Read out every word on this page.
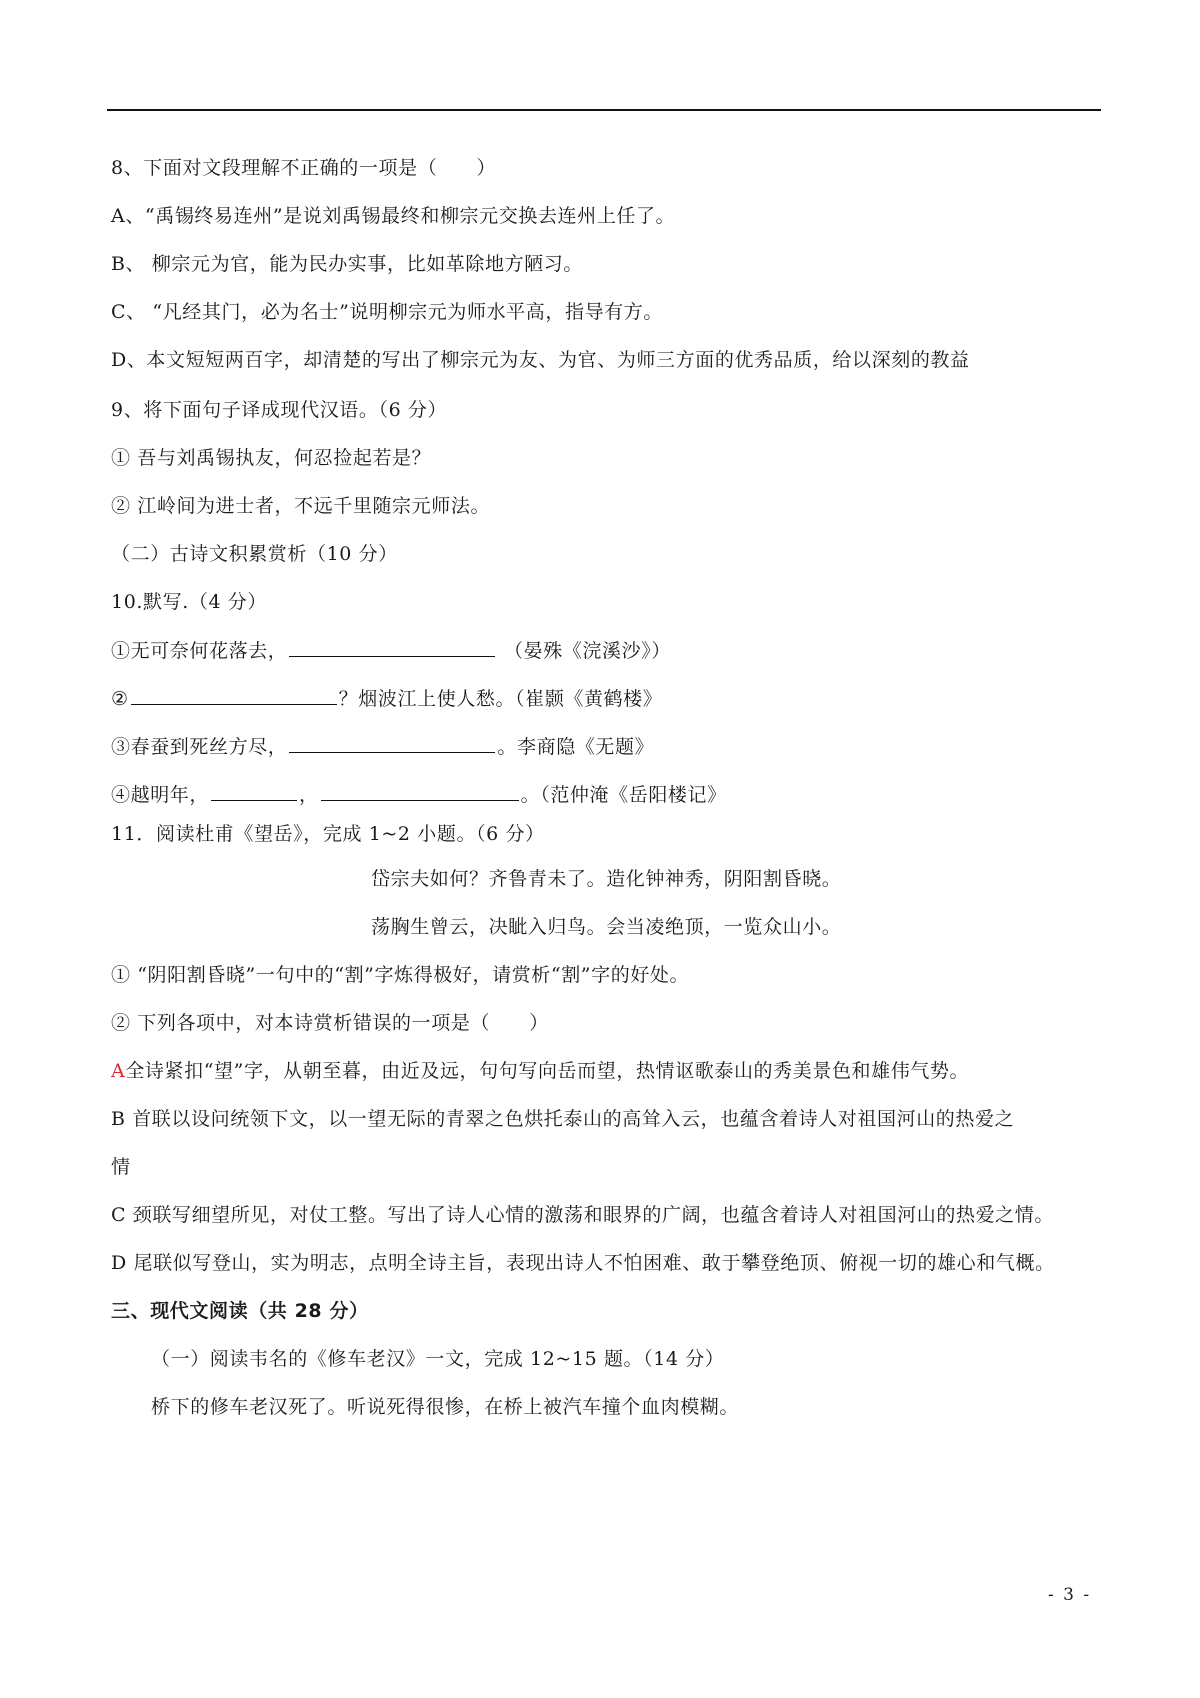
8、下面对文段理解不正确的一项是（　　）
A、“禹锡终易连州”是说刘禹锡最终和柳宗元交换去连州上任了。
B、 柳宗元为官，能为民办实事，比如革除地方陋习。
C、 “凡经其门，必为名士”说明柳宗元为师水平高，指导有方。
D、本文短短两百字，却清楚的写出了柳宗元为友、为官、为师三方面的优秀品质，给以深刻的教益
9、将下面句子译成现代汉语。（6 分）
① 吾与刘禹锡执友，何忍捡起若是？
② 江岭间为进士者，不远千里随宗元师法。
（二）古诗文积累赏析（10 分）
10.默写.（4 分）
①无可奈何花落去，	（晏殊《浣溪沙》）
②	？烟波江上使人愁。（崔颢《黄鹤楼》
③春蚕到死丝方尽，	。李商隐《无题》
④越明年，	，	。（范仲淹《岳阳楼记》
11．阅读杜甫《望岳》，完成 1~2 小题。（6 分）
岱宗夫如何？齐鲁青未了。造化钟神秀，阴阳割昏晓。
荡胸生曾云，决眦入归鸟。会当凌绝顶，一览众山小。
① “阴阳割昏晓”一句中的“割”字炼得极好，请赏析“割”字的好处。
② 下列各项中，对本诗赏析错误的一项是（　　）
A全诗紧扣“望”字，从朝至暮，由近及远，句句写向岳而望，热情讴歌泰山的秀美景色和雄伟气势。
B 首联以设问统领下文，以一望无际的青翠之色烘托泰山的高耸入云，也蕴含着诗人对祖国河山的热爱之
情
C 颈联写细望所见，对仗工整。写出了诗人心情的激荡和眼界的广阔，也蕴含着诗人对祖国河山的热爱之情。
D 尾联似写登山，实为明志，点明全诗主旨，表现出诗人不怕困难、敢于攀登绝顶、俯视一切的雄心和气概。
三、现代文阅读（共 28 分）
（一）阅读韦名的《修车老汉》一文，完成 12~15 题。（14 分）
桥下的修车老汉死了。听说死得很惨，在桥上被汽车撞个血肉模糊。
- 3 -
